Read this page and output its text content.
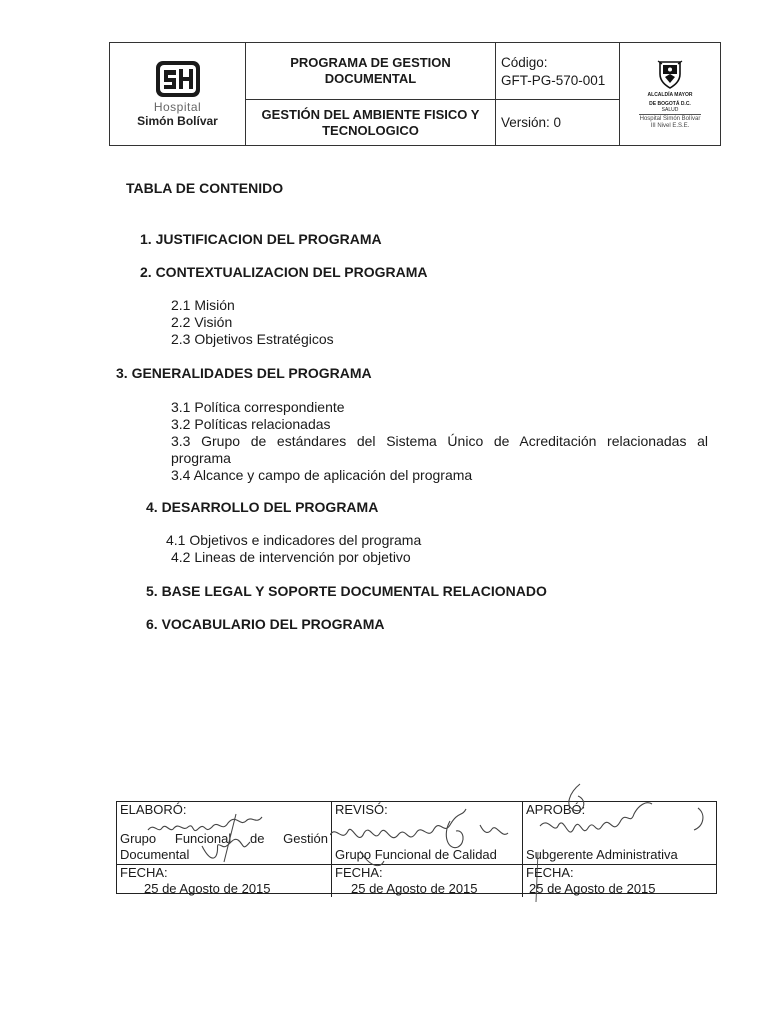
Hospital
Simón Bolívar
PROGRAMA DE GESTION DOCUMENTAL
Código:
GFT-PG-570-001
ALCALDÍA MAYOR
DE BOGOTÁ D.C.
SALUD
Hospital Simón Bolívar
III Nivel E.S.E.
GESTIÓN DEL AMBIENTE FISICO Y TECNOLOGICO	Versión: 0
TABLA DE CONTENIDO
1. JUSTIFICACION DEL PROGRAMA
2. CONTEXTUALIZACION DEL PROGRAMA
2.1 Misión
2.2 Visión
2.3 Objetivos Estratégicos
3. GENERALIDADES DEL PROGRAMA
3.1 Política correspondiente
3.2 Políticas relacionadas
3.3 Grupo de estándares del Sistema Único de Acreditación relacionadas al
programa
3.4 Alcance y campo de aplicación del programa
4. DESARROLLO DEL PROGRAMA
4.1 Objetivos e indicadores del programa
4.2 Lineas de intervención por objetivo
5. BASE LEGAL Y SOPORTE DOCUMENTAL RELACIONADO
6. VOCABULARIO DEL PROGRAMA
ELABORÓ:
Grupo Funcional de Gestión
Documental
REVISÓ:
Grupo Funcional de Calidad
APROBÓ:
Subgerente Administrativa
FECHA:
25 de Agosto de 2015
FECHA:
25 de Agosto de 2015
FECHA:
25 de Agosto de 2015
